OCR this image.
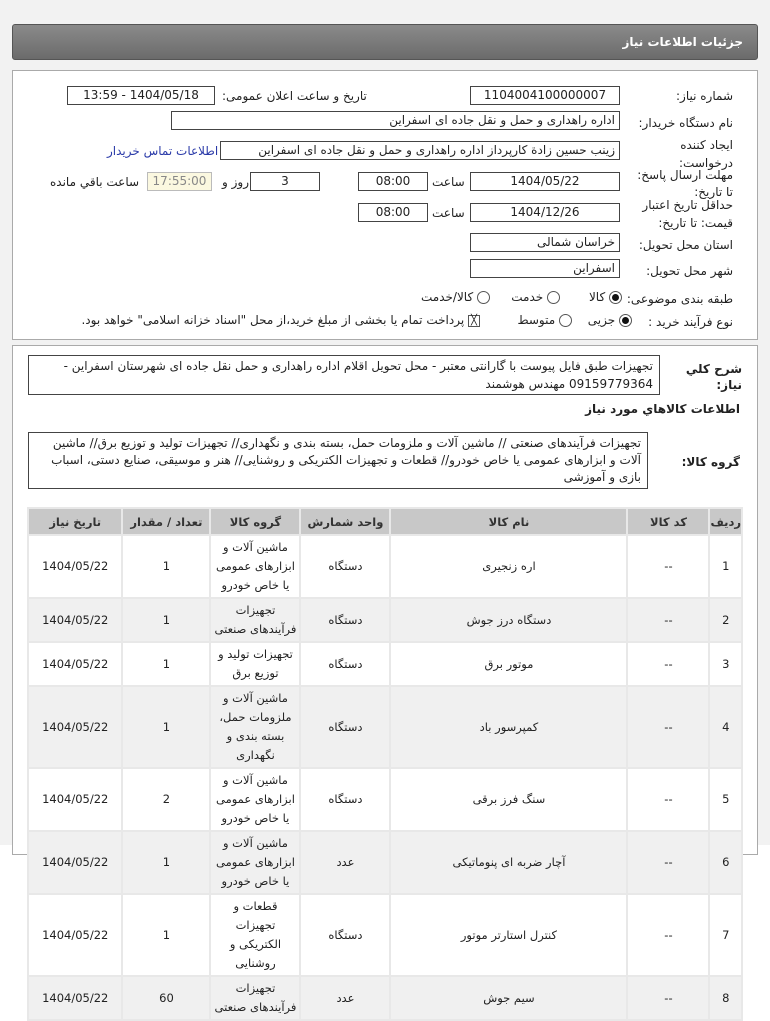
جزئیات اطلاعات نیاز
شماره نیاز:
1104004100000007
تاریخ و ساعت اعلان عمومی:
1404/05/18 - 13:59
نام دستگاه خریدار:
اداره راهداری و حمل و نقل جاده ای اسفراین
ایجاد کننده
درخواست:
زینب حسین زادة کارپرداز اداره راهداری و حمل و نقل جاده ای اسفراین
اطلاعات تماس خریدار
مهلت ارسال پاسخ:
تا تاریخ:
1404/05/22
ساعت
08:00
3
روز و
17:55:00
ساعت باقي مانده
حداقل تاریخ اعتبار
قیمت: تا تاریخ:
1404/12/26
ساعت
08:00
استان محل تحویل:
خراسان شمالی
شهر محل تحویل:
اسفراین
طبقه بندی موضوعی:
کالا
خدمت
کالا/خدمت
نوع فرآیند خرید :
جزیی
متوسط
╳ پرداخت تمام یا بخشی از مبلغ خرید،از محل "اسناد خزانه اسلامی" خواهد بود.
شرح كلي
نياز:
تجهیزات طبق فایل پیوست با گارانتی معتبر - محل تحویل اقلام اداره راهداری و حمل نقل جاده ای شهرستان اسفراین - 09159779364 مهندس هوشمند
اطلاعات كالاهاي مورد نياز
گروه کالا:
تجهیزات فرآیندهای صنعتی // ماشین آلات و ملزومات حمل، بسته بندی و نگهداری// تجهیزات تولید و توزیع برق// ماشین آلات و ابزارهای عمومی یا خاص خودرو// قطعات و تجهیزات الکتریکی و روشنایی// هنر و موسیقی، صنایع دستی، اسباب بازی و آموزشی
ردیف	کد کالا	نام کالا	واحد شمارش	گروه کالا	تعداد / مقدار	تاریخ نیاز
1	--	اره زنجیری	دستگاه	ماشین آلات و ابزارهای عمومی یا خاص خودرو	1	1404/05/22
2	--	دستگاه درز جوش	دستگاه	تجهیزات فرآیندهای صنعتی	1	1404/05/22
3	--	موتور برق	دستگاه	تجهیزات تولید و توزیع برق	1	1404/05/22
4	--	کمپرسور باد	دستگاه	ماشین آلات و ملزومات حمل، بسته بندی و نگهداری	1	1404/05/22
5	--	سنگ فرز برقی	دستگاه	ماشین آلات و ابزارهای عمومی یا خاص خودرو	2	1404/05/22
6	--	آچار ضربه ای پنوماتیکی	عدد	ماشین آلات و ابزارهای عمومی یا خاص خودرو	1	1404/05/22
7	--	کنترل استارتر موتور	دستگاه	قطعات و تجهیزات الکتریکی و روشنایی	1	1404/05/22
8	--	سیم جوش	عدد	تجهیزات فرآیندهای صنعتی	60	1404/05/22
